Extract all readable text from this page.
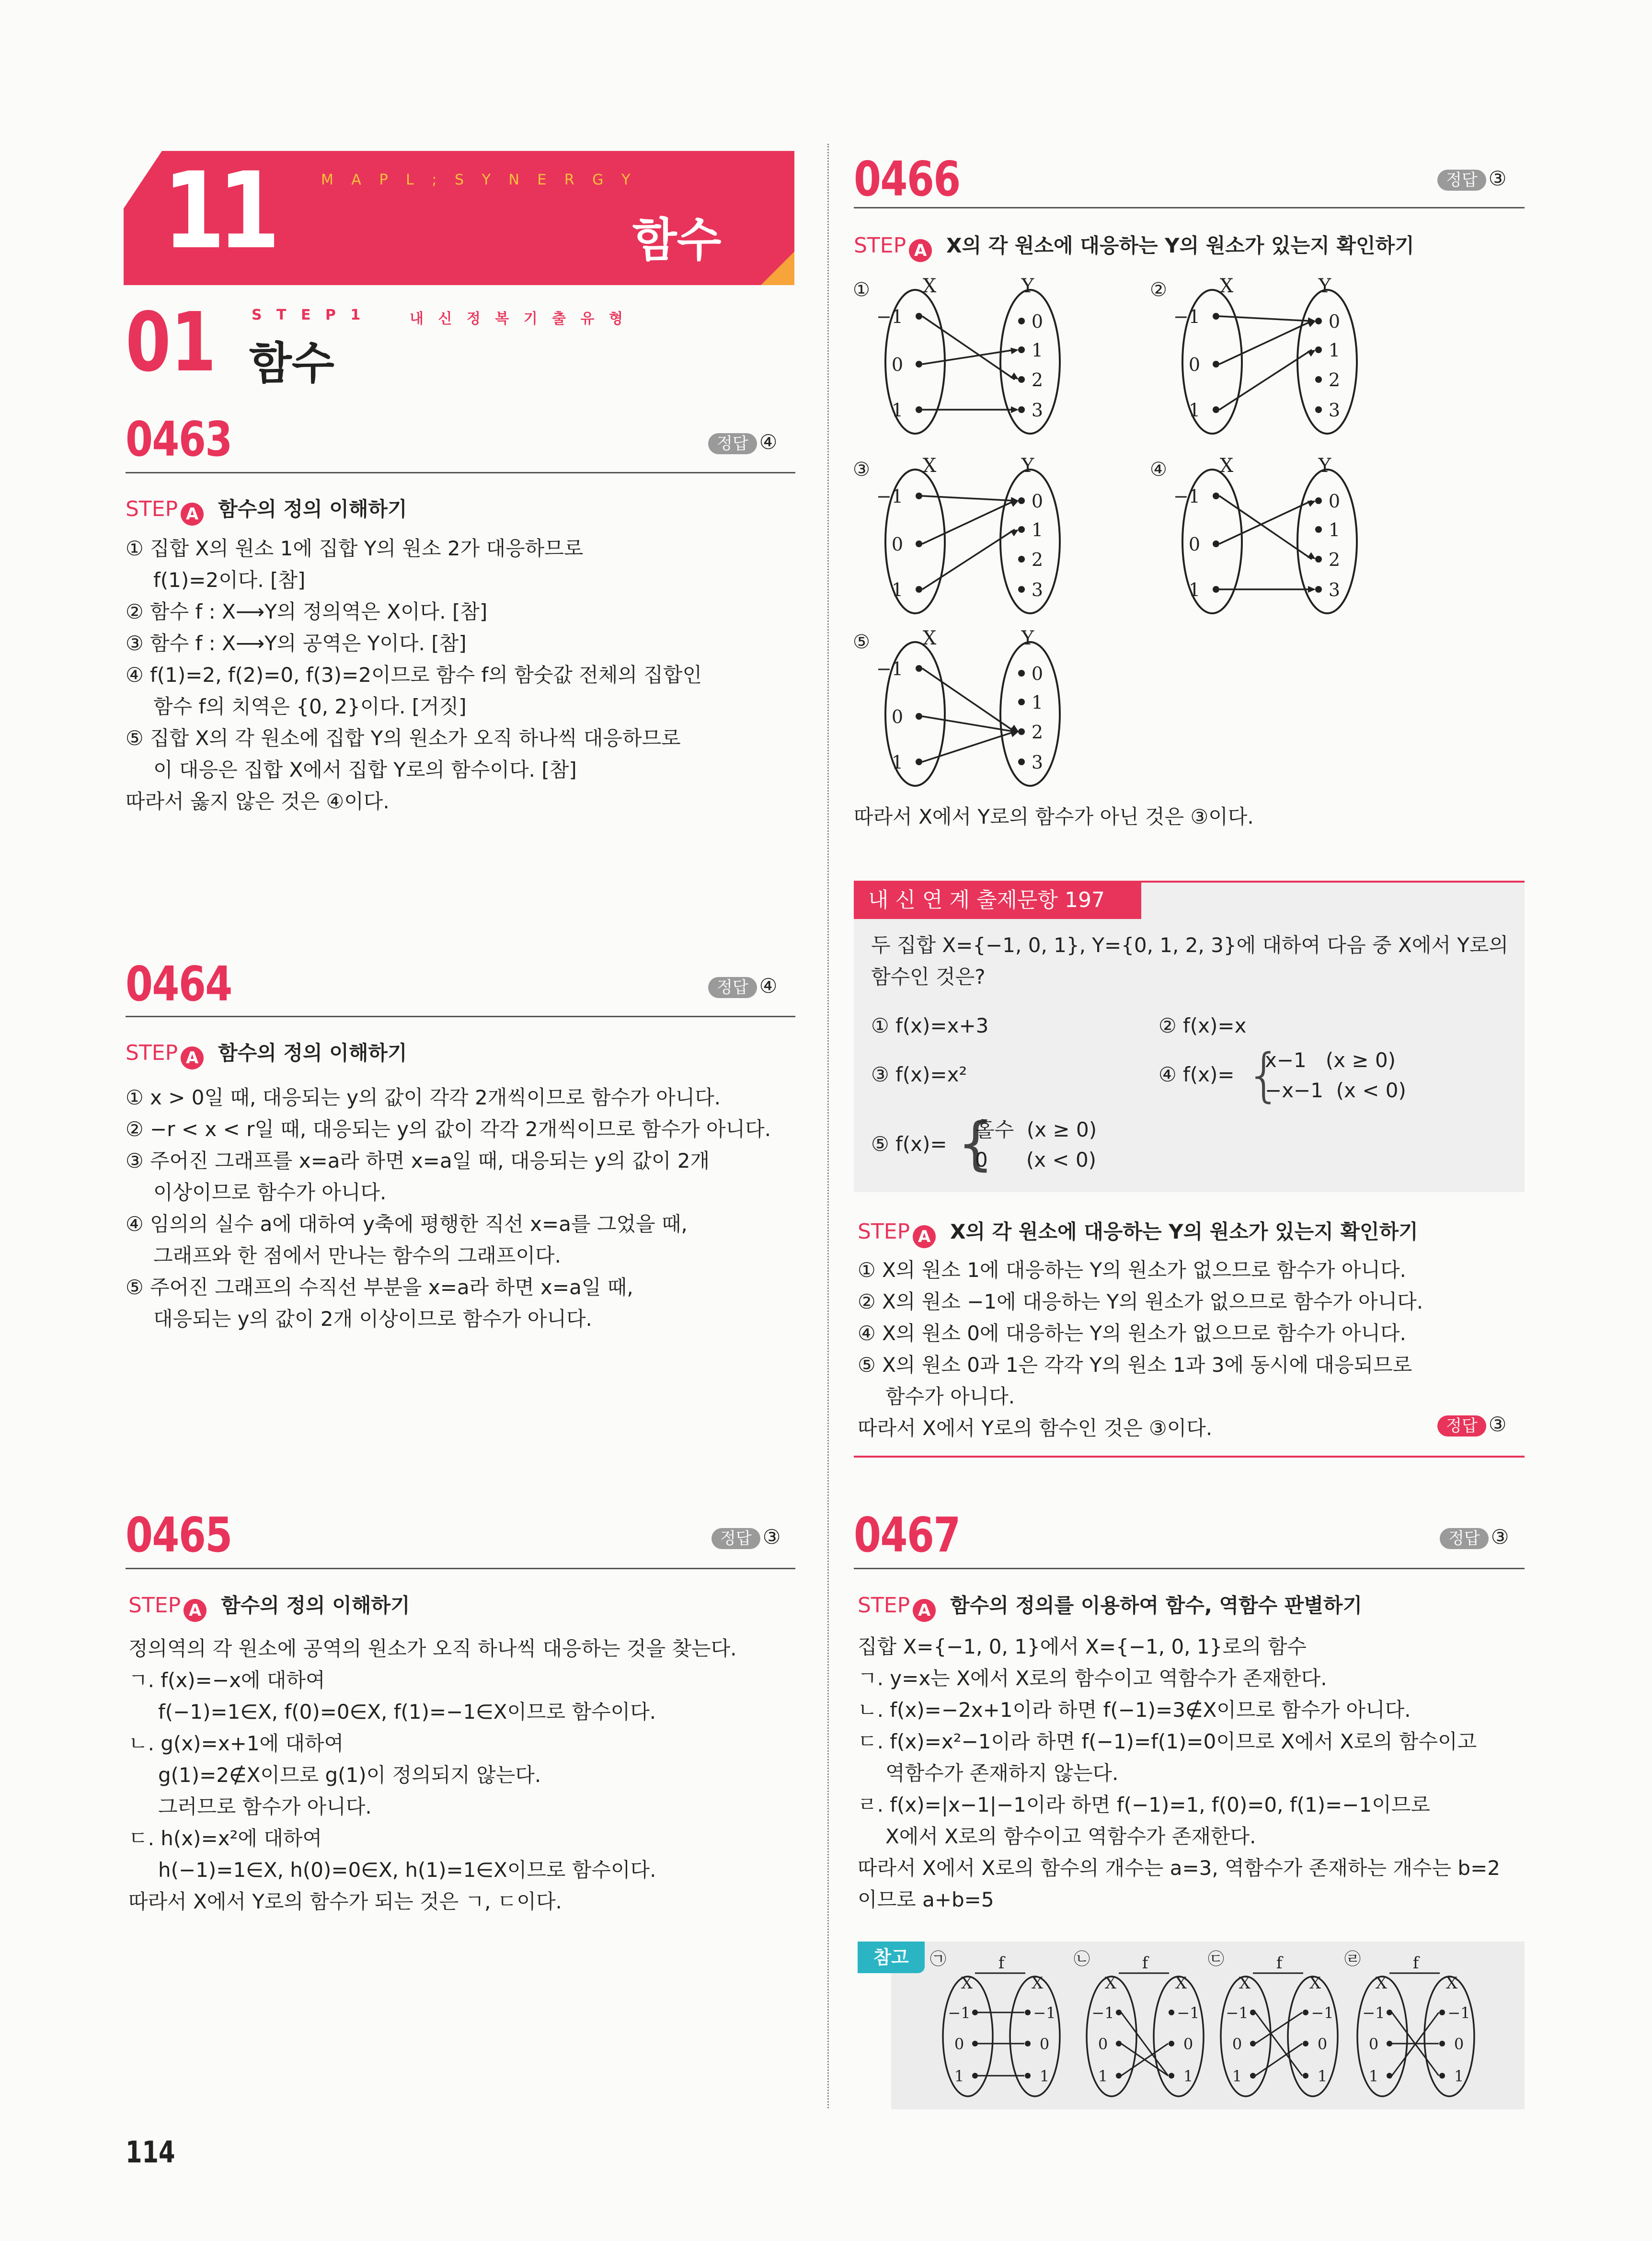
11	M A P L ; S Y N E R G Y
함수
01 S T E P 1	내 신 정 복 기 출 유 형
함수
0463	정답 ④
STEP A 함수의 정의 이해하기
① 집합 X의 원소 1에 집합 Y의 원소 2가 대응하므로
f(1)=2이다. [참]
② 함수 f : X⟶Y의 정의역은 X이다. [참]
③ 함수 f : X⟶Y의 공역은 Y이다. [참]
④ f(1)=2, f(2)=0, f(3)=2이므로 함수 f의 함숫값 전체의 집합인
함수 f의 치역은 {0, 2}이다. [거짓]
⑤ 집합 X의 각 원소에 집합 Y의 원소가 오직 하나씩 대응하므로
이 대응은 집합 X에서 집합 Y로의 함수이다. [참]
따라서 옳지 않은 것은 ④이다.
0464	정답 ④
STEP A 함수의 정의 이해하기
① x > 0일 때, 대응되는 y의 값이 각각 2개씩이므로 함수가 아니다.
② −r < x < r일 때, 대응되는 y의 값이 각각 2개씩이므로 함수가 아니다.
③ 주어진 그래프를 x=a라 하면 x=a일 때, 대응되는 y의 값이 2개
이상이므로 함수가 아니다.
④ 임의의 실수 a에 대하여 y축에 평행한 직선 x=a를 그었을 때,
그래프와 한 점에서 만나는 함수의 그래프이다.
⑤ 주어진 그래프의 수직선 부분을 x=a라 하면 x=a일 때,
대응되는 y의 값이 2개 이상이므로 함수가 아니다.
0465	정답 ③
STEP A 함수의 정의 이해하기
정의역의 각 원소에 공역의 원소가 오직 하나씩 대응하는 것을 찾는다.
ㄱ. f(x)=−x에 대하여
f(−1)=1∈X, f(0)=0∈X, f(1)=−1∈X이므로 함수이다.
ㄴ. g(x)=x+1에 대하여
g(1)=2∉X이므로 g(1)이 정의되지 않는다.
그러므로 함수가 아니다.
ㄷ. h(x)=x²에 대하여
h(−1)=1∈X, h(0)=0∈X, h(1)=1∈X이므로 함수이다.
따라서 X에서 Y로의 함수가 되는 것은 ㄱ, ㄷ이다.
114
0466	정답 ③
STEP A X의 각 원소에 대응하는 Y의 원소가 있는지 확인하기
①	X	Y
−1
0
1
0
1
2
3
②	X	Y
−1
0
1
0
1
2
3
③	X	Y
−1
0
1
0
1
2
3
④	X	Y
−1
0
1
0
1
2
3
⑤	X	Y
−1
0
1
0
1
2
3
따라서 X에서 Y로의 함수가 아닌 것은 ③이다.
내 신 연 계 출제문항 197
두 집합 X={−1, 0, 1}, Y={0, 1, 2, 3}에 대하여 다음 중 X에서 Y로의
함수인 것은?
① f(x)=x+3	② f(x)=x
③ f(x)=x²	④ f(x)= {
x−1   (x ≥ 0)
−x−1  (x < 0)
⑤ f(x)= {
홀수  (x ≥ 0)
0      (x < 0)
STEP A X의 각 원소에 대응하는 Y의 원소가 있는지 확인하기
① X의 원소 1에 대응하는 Y의 원소가 없으므로 함수가 아니다.
② X의 원소 −1에 대응하는 Y의 원소가 없으므로 함수가 아니다.
④ X의 원소 0에 대응하는 Y의 원소가 없으므로 함수가 아니다.
⑤ X의 원소 0과 1은 각각 Y의 원소 1과 3에 동시에 대응되므로
함수가 아니다.
따라서 X에서 Y로의 함수인 것은 ③이다.	정답 ③
0467	정답 ③
STEP A 함수의 정의를 이용하여 함수, 역함수 판별하기
집합 X={−1, 0, 1}에서 X={−1, 0, 1}로의 함수
ㄱ. y=x는 X에서 X로의 함수이고 역함수가 존재한다.
ㄴ. f(x)=−2x+1이라 하면 f(−1)=3∉X이므로 함수가 아니다.
ㄷ. f(x)=x²−1이라 하면 f(−1)=f(1)=0이므로 X에서 X로의 함수이고
역함수가 존재하지 않는다.
ㄹ. f(x)=|x−1|−1이라 하면 f(−1)=1, f(0)=0, f(1)=−1이므로
X에서 X로의 함수이고 역함수가 존재한다.
따라서 X에서 X로의 함수의 개수는 a=3, 역함수가 존재하는 개수는 b=2
이므로 a+b=5
참고	㉠	f
X	X
−1	−1
0	0
1	1
㉡	f
X	X
−1	−1
0	0
1	1
㉢	f
X	X
−1	−1
0	0
1	1
㉣	f
X	X
−1	−1
0	0
1	1
